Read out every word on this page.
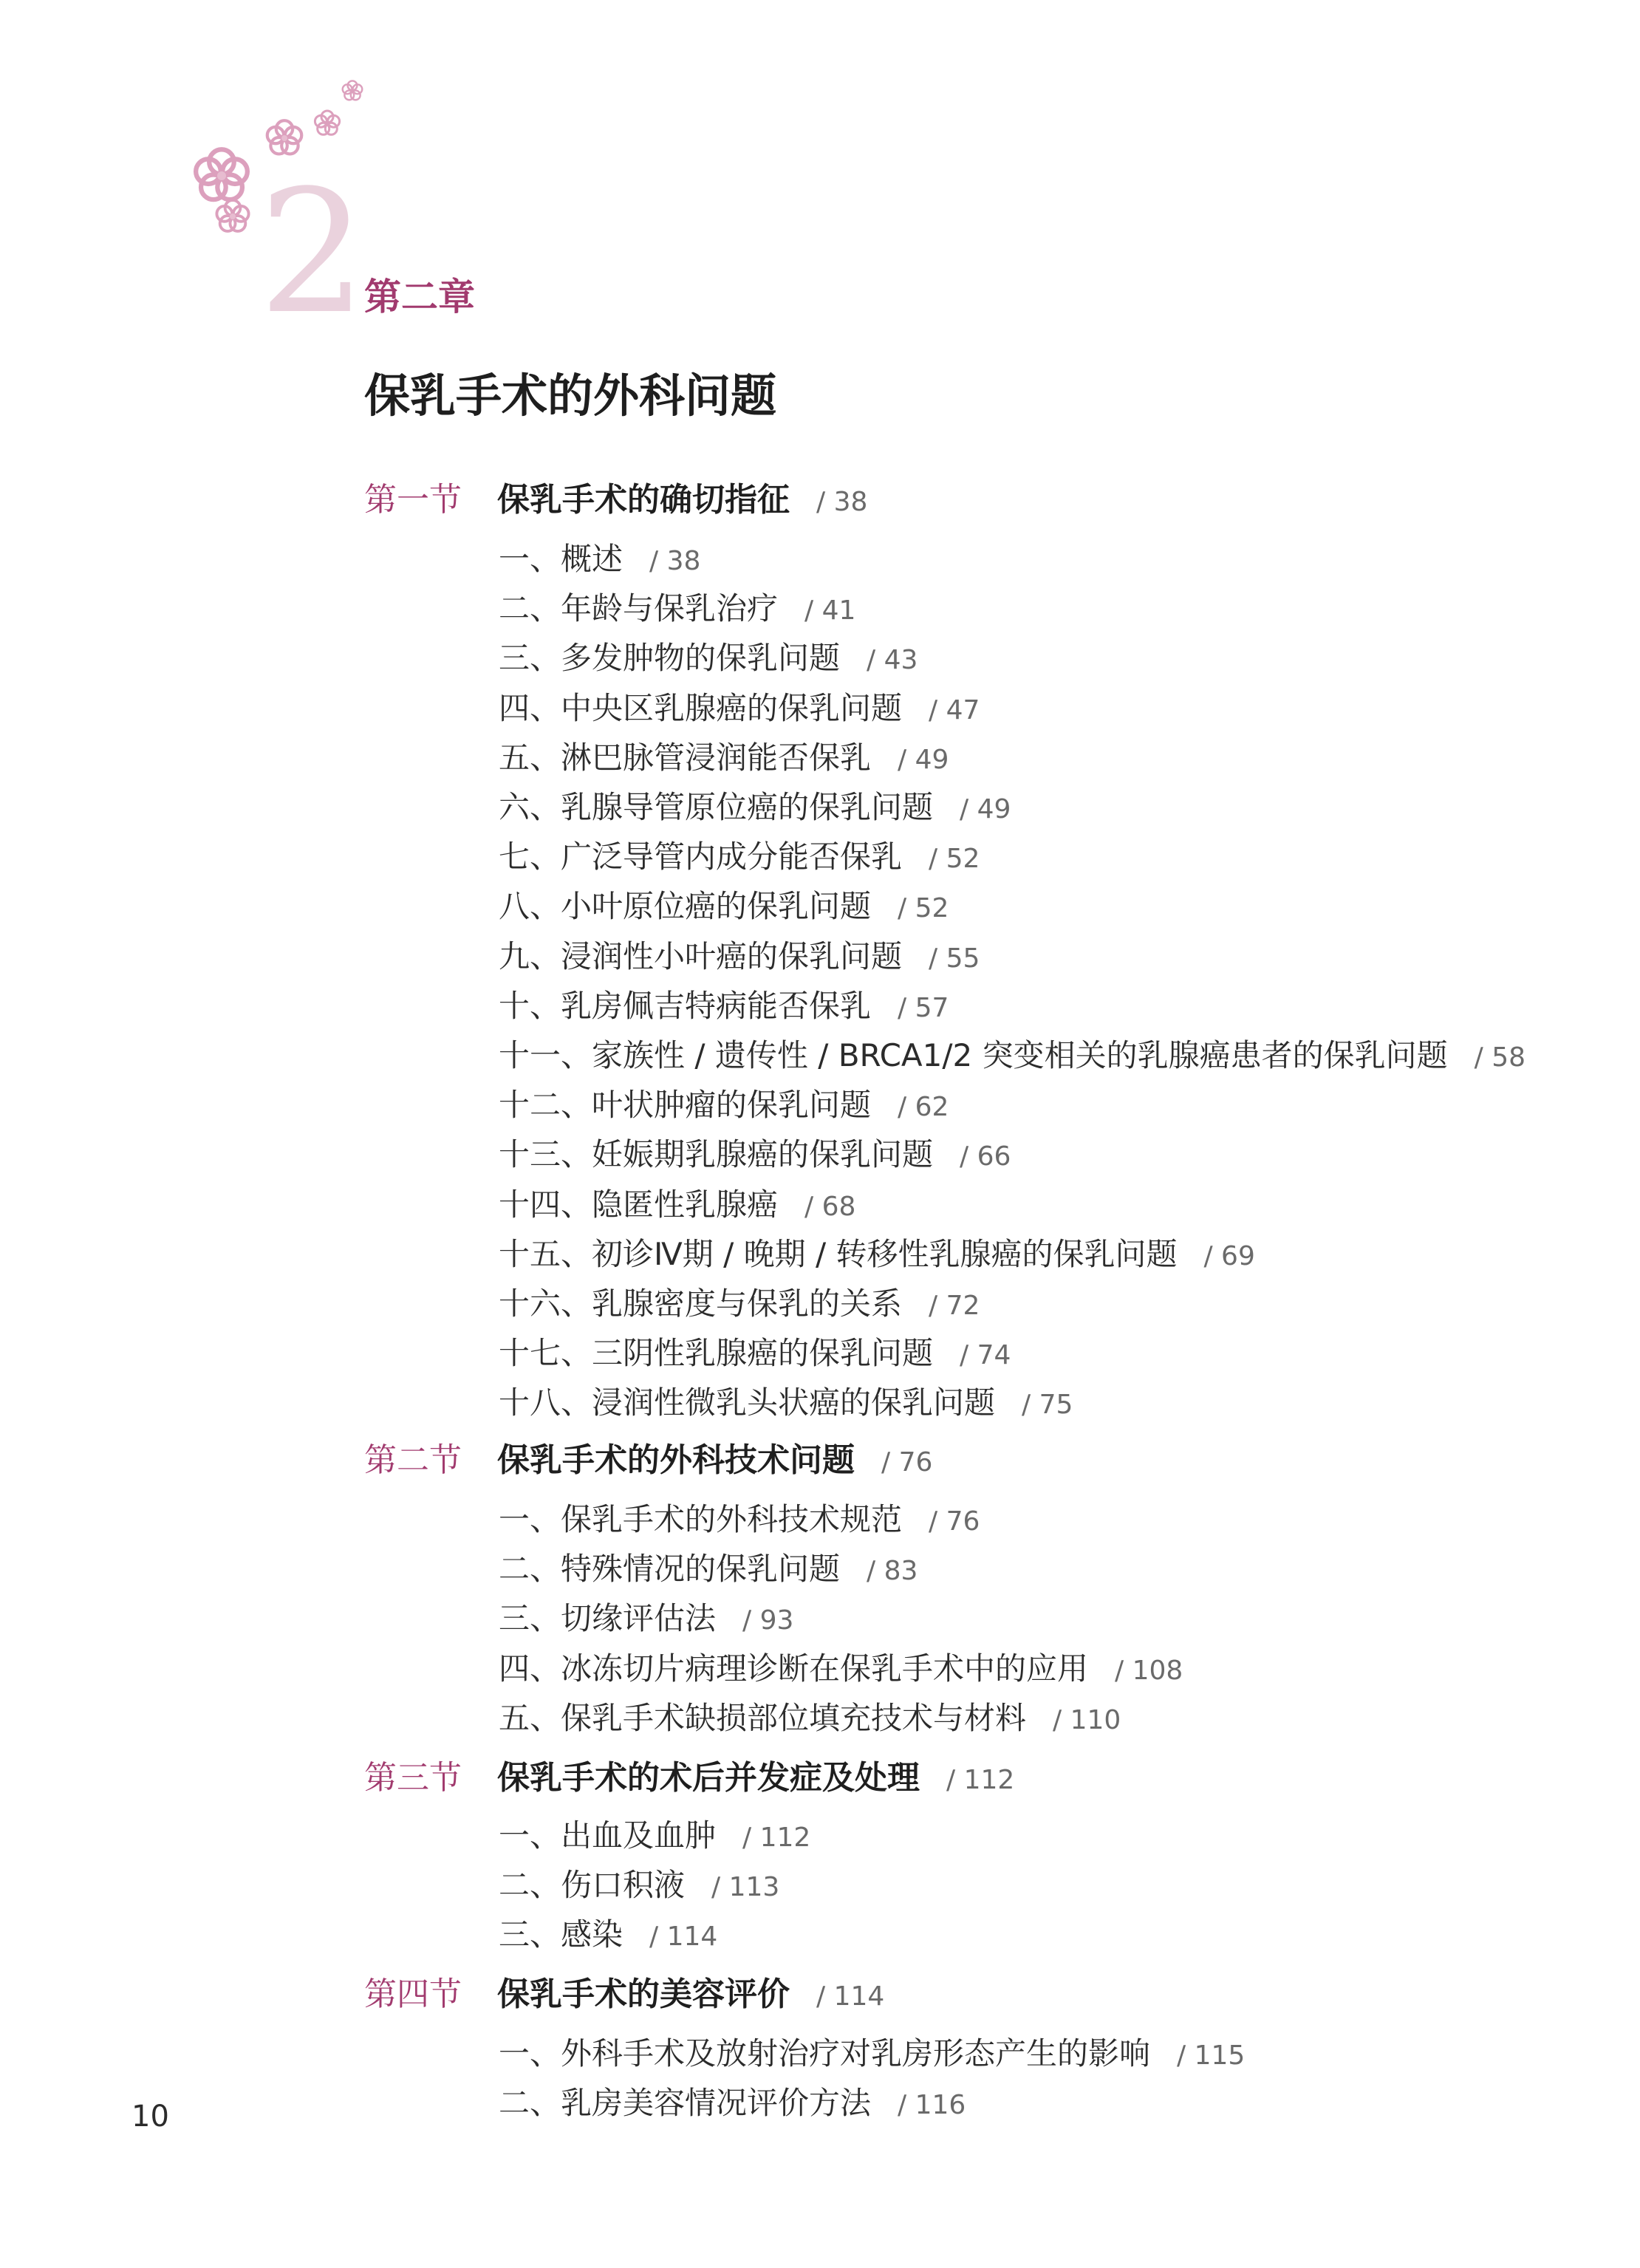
2
第二章
保乳手术的外科问题
第一节 保乳手术的确切指征 / 38
一、概述 / 38
二、年龄与保乳治疗 / 41
三、多发肿物的保乳问题 / 43
四、中央区乳腺癌的保乳问题 / 47
五、淋巴脉管浸润能否保乳 / 49
六、乳腺导管原位癌的保乳问题 / 49
七、广泛导管内成分能否保乳 / 52
八、小叶原位癌的保乳问题 / 52
九、浸润性小叶癌的保乳问题 / 55
十、乳房佩吉特病能否保乳 / 57
十一、家族性 / 遗传性 / BRCA1/2 突变相关的乳腺癌患者的保乳问题 / 58
十二、叶状肿瘤的保乳问题 / 62
十三、妊娠期乳腺癌的保乳问题 / 66
十四、隐匿性乳腺癌 / 68
十五、初诊Ⅳ期 / 晚期 / 转移性乳腺癌的保乳问题 / 69
十六、乳腺密度与保乳的关系 / 72
十七、三阴性乳腺癌的保乳问题 / 74
十八、浸润性微乳头状癌的保乳问题 / 75
第二节 保乳手术的外科技术问题 / 76
一、保乳手术的外科技术规范 / 76
二、特殊情况的保乳问题 / 83
三、切缘评估法 / 93
四、冰冻切片病理诊断在保乳手术中的应用 / 108
五、保乳手术缺损部位填充技术与材料 / 110
第三节 保乳手术的术后并发症及处理 / 112
一、出血及血肿 / 112
二、伤口积液 / 113
三、感染 / 114
第四节 保乳手术的美容评价 / 114
一、外科手术及放射治疗对乳房形态产生的影响 / 115
二、乳房美容情况评价方法 / 116
10
